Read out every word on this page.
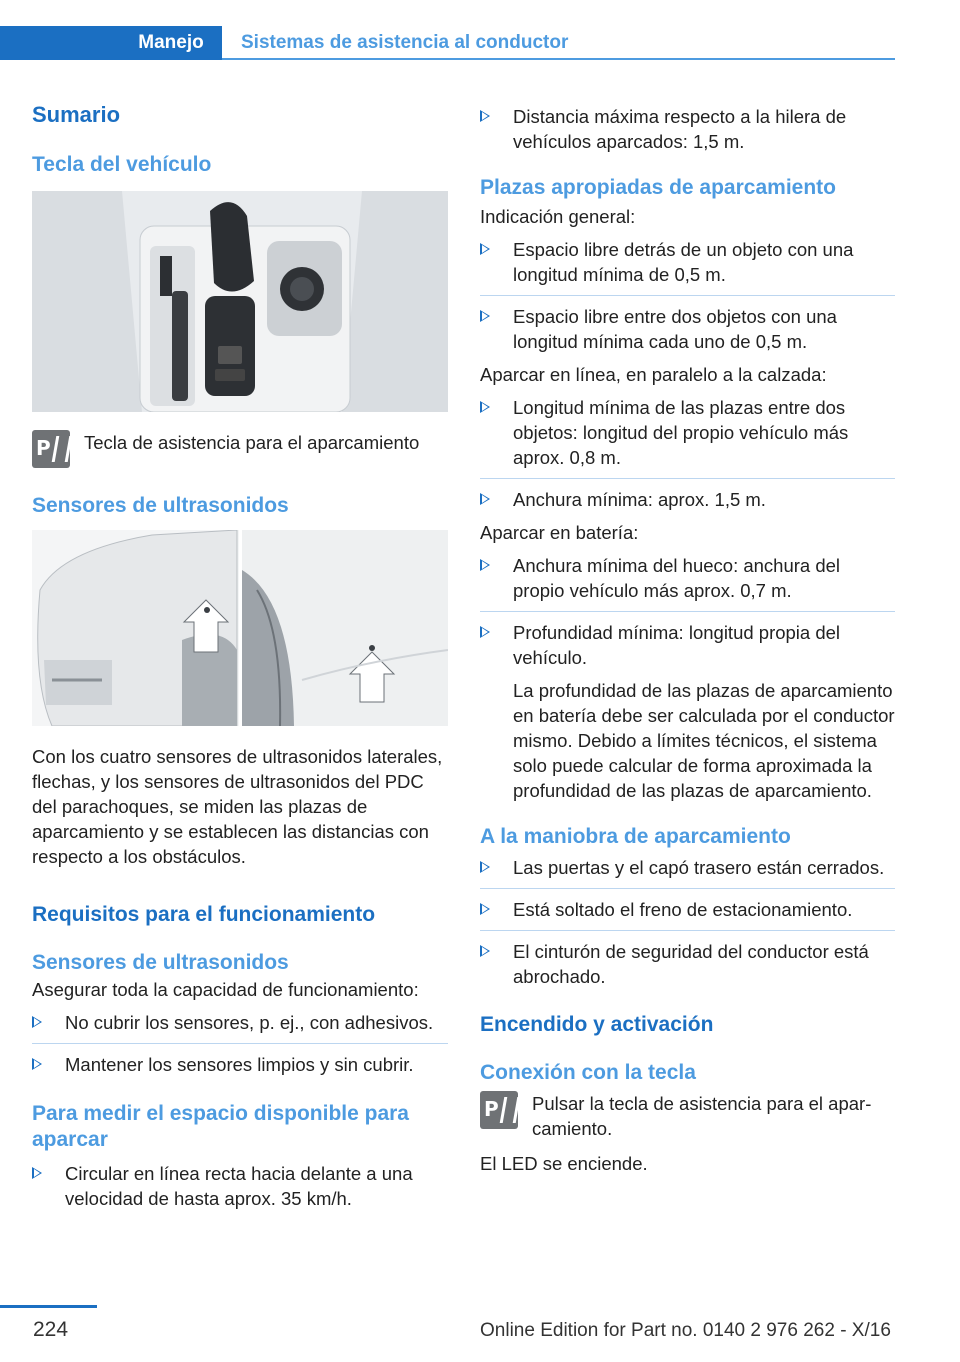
Manejo	Sistemas de asistencia al conductor
Sumario
Tecla del vehículo
P Tecla de asistencia para el aparcamiento
Sensores de ultrasonidos

Con los cuatro sensores de ultrasonidos laterales, flechas, y los sensores de ultrasonidos del PDC del parachoques, se miden las plazas de aparcamiento y se establecen las distancias con respecto a los obstáculos.

Requisitos para el funcionamiento
Sensores de ultrasonidos

Asegurar toda la capacidad de funcionamiento:

No cubrir los sensores, p. ej., con adhesivos.
Mantener los sensores limpios y sin cubrir.
Para medir el espacio disponible para aparcar
Circular en línea recta hacia delante a una velocidad de hasta aprox. 35 km/h.
Distancia máxima respecto a la hilera de vehículos aparcados: 1,5 m.
Plazas apropiadas de aparcamiento

Indicación general:

Espacio libre detrás de un objeto con una longitud mínima de 0,5 m.
Espacio libre entre dos objetos con una longitud mínima cada uno de 0,5 m.

Aparcar en línea, en paralelo a la calzada:

Longitud mínima de las plazas entre dos objetos: longitud del propio vehículo más aprox. 0,8 m.
Anchura mínima: aprox. 1,5 m.

Aparcar en batería:

Anchura mínima del hueco: anchura del propio vehículo más aprox. 0,7 m.
Profundidad mínima: longitud propia del vehículo.
La profundidad de las plazas de aparcamiento en batería debe ser calculada por el conductor mismo. Debido a límites técnicos, el sistema solo puede calcular de forma aproximada la profundidad de las plazas de aparcamiento.
A la maniobra de aparcamiento
Las puertas y el capó trasero están cerrados.
Está soltado el freno de estacionamiento.
El cinturón de seguridad del conductor está abrochado.
Encendido y activación
Conexión con la tecla
P Pulsar la tecla de asistencia para el aparcamiento.

El LED se enciende.

224	Online Edition for Part no. 0140 2 976 262 - X/16
